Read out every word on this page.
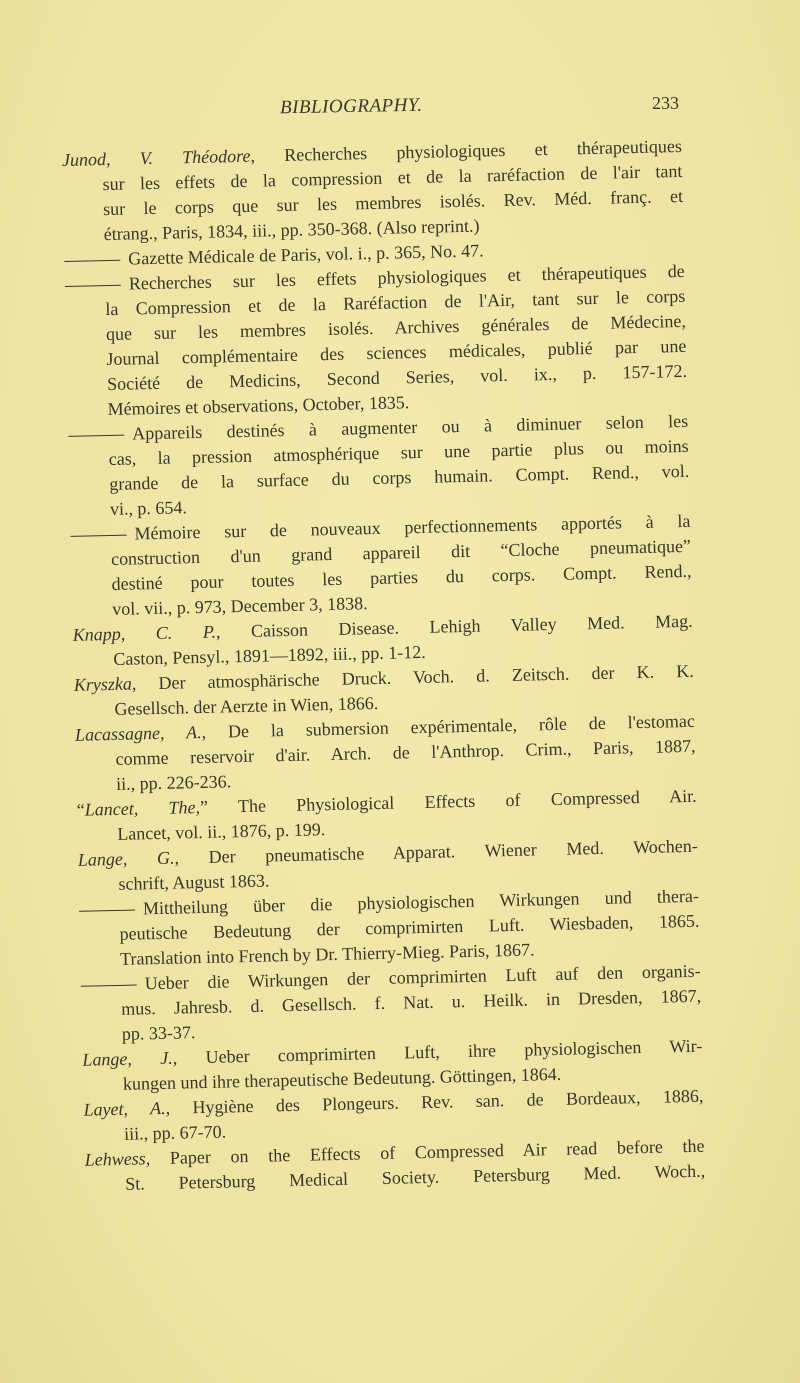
BIBLIOGRAPHY.	233
Junod, V. Théodore, Recherches physiologiques et thérapeutiques
sur les effets de la compression et de la raréfaction de l'air tant
sur le corps que sur les membres isolés. Rev. Méd. franç. et
étrang., Paris, 1834, iii., pp. 350-368. (Also reprint.)
Gazette Médicale de Paris, vol. i., p. 365, No. 47.
Recherches sur les effets physiologiques et thérapeutiques de
la Compression et de la Raréfaction de l'Air, tant sur le corps
que sur les membres isolés. Archives générales de Médecine,
Journal complémentaire des sciences médicales, publié par une
Société de Medicins, Second Series, vol. ix., p. 157-172.
Mémoires et observations, October, 1835.
Appareils destinés à augmenter ou à diminuer selon les
cas, la pression atmosphérique sur une partie plus ou moins
grande de la surface du corps humain. Compt. Rend., vol.
vi., p. 654.
Mémoire sur de nouveaux perfectionnements apportés à la
construction d'un grand appareil dit “Cloche pneumatique”
destiné pour toutes les parties du corps. Compt. Rend.,
vol. vii., p. 973, December 3, 1838.
Knapp, C. P., Caisson Disease. Lehigh Valley Med. Mag.
Caston, Pensyl., 1891—1892, iii., pp. 1-12.
Kryszka, Der atmosphärische Druck. Voch. d. Zeitsch. der K. K.
Gesellsch. der Aerzte in Wien, 1866.
Lacassagne, A., De la submersion expérimentale, rôle de l'estomac
comme reservoir d'air. Arch. de l'Anthrop. Crim., Paris, 1887,
ii., pp. 226-236.
“Lancet, The,” The Physiological Effects of Compressed Air.
Lancet, vol. ii., 1876, p. 199.
Lange, G., Der pneumatische Apparat. Wiener Med. Wochen-
schrift, August 1863.
Mittheilung über die physiologischen Wirkungen und thera-
peutische Bedeutung der comprimirten Luft. Wiesbaden, 1865.
Translation into French by Dr. Thierry-Mieg. Paris, 1867.
Ueber die Wirkungen der comprimirten Luft auf den organis-
mus. Jahresb. d. Gesellsch. f. Nat. u. Heilk. in Dresden, 1867,
pp. 33-37.
Lange, J., Ueber comprimirten Luft, ihre physiologischen Wir-
kungen und ihre therapeutische Bedeutung. Göttingen, 1864.
Layet, A., Hygiène des Plongeurs. Rev. san. de Bordeaux, 1886,
iii., pp. 67-70.
Lehwess, Paper on the Effects of Compressed Air read before the
St. Petersburg Medical Society. Petersburg Med. Woch.,
